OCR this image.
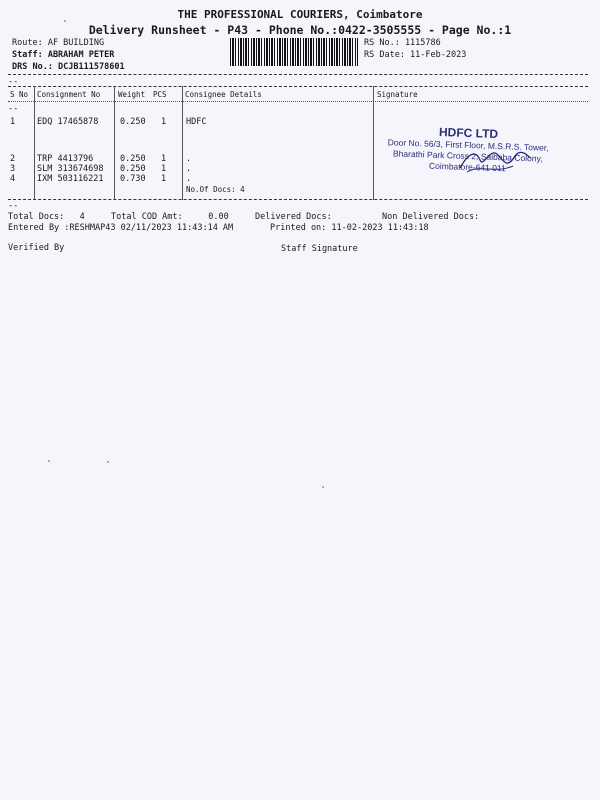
THE PROFESSIONAL COURIERS, Coimbatore
Delivery Runsheet - P43 - Phone No.:0422-3505555 - Page No.:1
Route: AF BUILDING
Staff: ABRAHAM PETER
DRS No.: DCJB111578601
RS No.: 1115786
RS Date: 11-Feb-2023
--
S No Consignment No Weight PCS Consignee Details	Signature
--
1	EDQ 17465878	0.250 1 HDFC
2	TRP 4413796	0.250 1 .
3	SLM 313674698 0.250 1 .
4	IXM 503116221 0.730 1 .
No.Of Docs: 4
HDFC LTD
Door No. 56/3, First Floor, M.S.R.S. Tower,
Bharathi Park Cross 2, Saibaba Colony,
Coimbatore-641 011
--
Total Docs:   4	Total COD Amt:     0.00	Delivered Docs:	Non Delivered Docs:
Entered By :RESHMAP43 02/11/2023 11:43:14 AM	Printed on: 11-02-2023 11:43:18
Verified By	Staff Signature
